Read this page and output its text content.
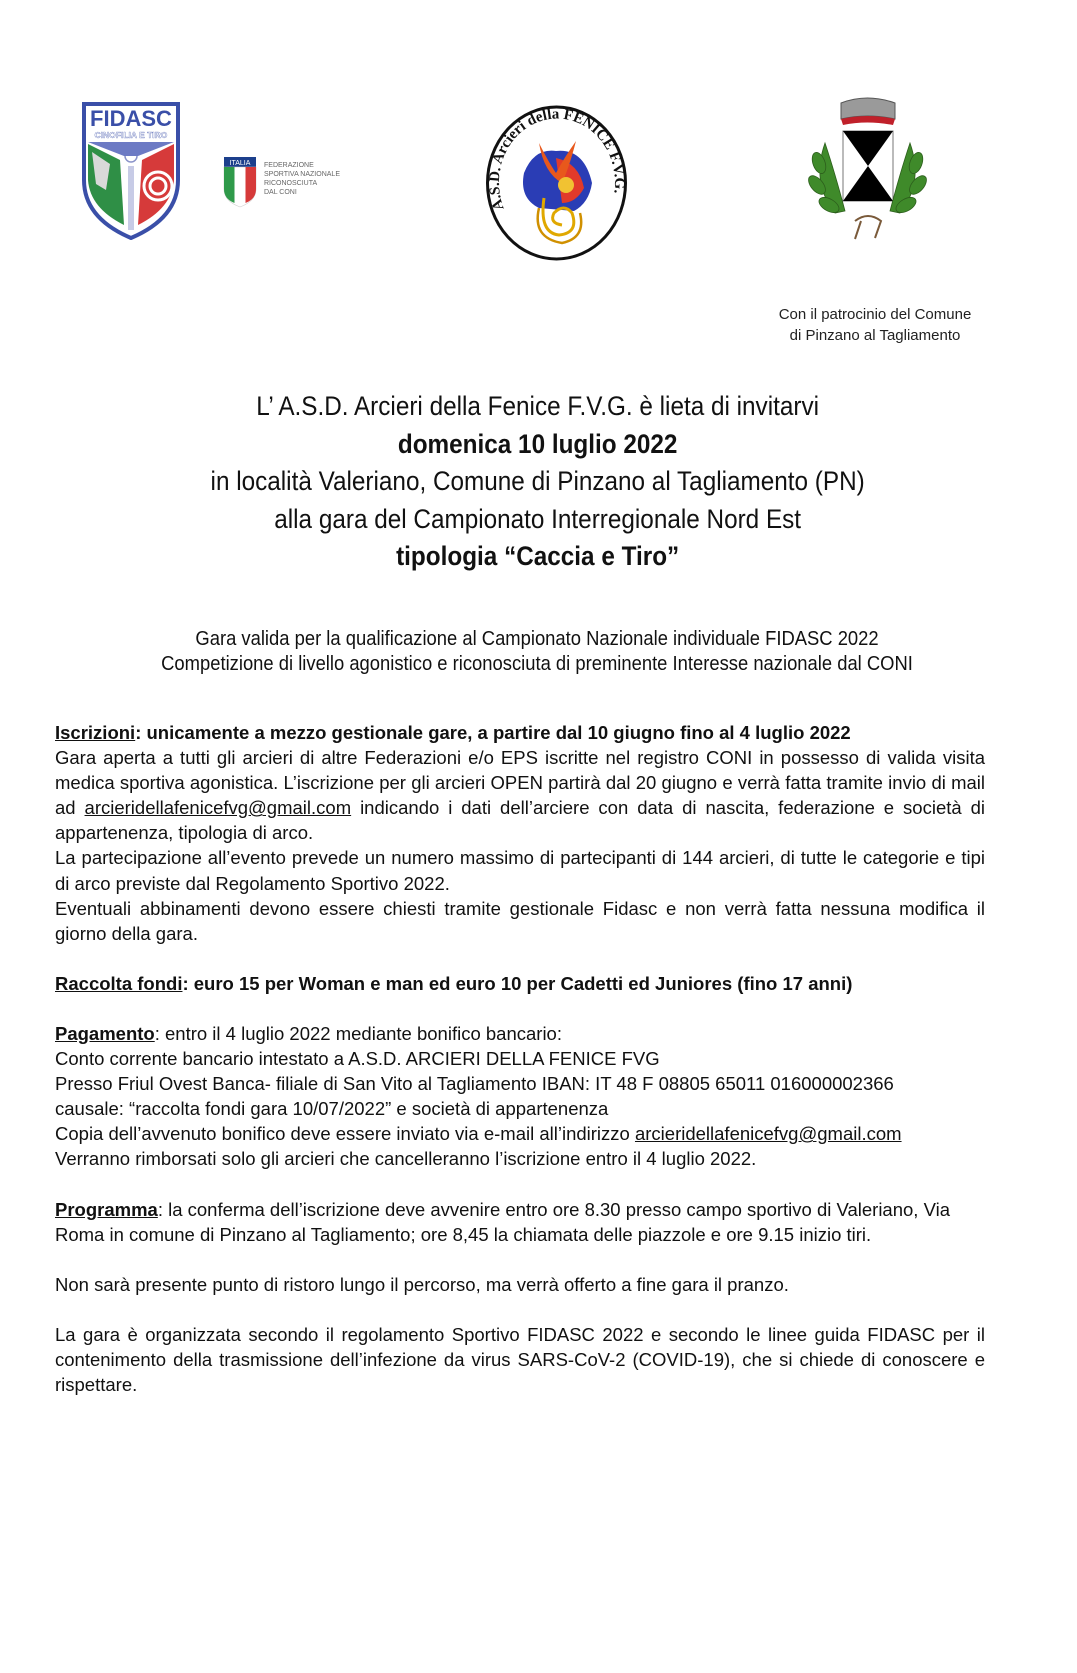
FIDASC
CINOFILIA E TIRO
ITALIA FEDERAZIONE
SPORTIVA NAZIONALE
RICONOSCIUTA
DAL CONI
A.S.D. Arcieri della FENICE F.V.G.
Con il patrocinio del Comune
di Pinzano al Tagliamento
L’ A.S.D. Arcieri della Fenice F.V.G. è lieta di invitarvi
domenica 10 luglio 2022
in località Valeriano, Comune di Pinzano al Tagliamento (PN)
alla gara del Campionato Interregionale Nord Est
tipologia “Caccia e Tiro”
Gara valida per la qualificazione al Campionato Nazionale individuale FIDASC 2022
Competizione di livello agonistico e riconosciuta di preminente Interesse nazionale dal CONI

Iscrizioni: unicamente a mezzo gestionale gare, a partire dal 10 giugno fino al 4 luglio 2022

Gara aperta a tutti gli arcieri di altre Federazioni e/o EPS iscritte nel registro CONI in possesso di valida visita medica sportiva agonistica. L’iscrizione per gli arcieri OPEN partirà dal 20 giugno e verrà fatta tramite invio di mail ad arcieridellafenicefvg@gmail.com indicando i dati dell’arciere con data di nascita, federazione e società di appartenenza, tipologia di arco.

La partecipazione all’evento prevede un numero massimo di partecipanti di 144 arcieri, di tutte le categorie e tipi di arco previste dal Regolamento Sportivo 2022.

Eventuali abbinamenti devono essere chiesti tramite gestionale Fidasc e non verrà fatta nessuna modifica il giorno della gara.

Raccolta fondi: euro 15 per Woman e man ed euro 10 per Cadetti ed Juniores (fino 17 anni)

Pagamento: entro il 4 luglio 2022 mediante bonifico bancario:

Conto corrente bancario intestato a A.S.D. ARCIERI DELLA FENICE FVG

Presso Friul Ovest Banca- filiale di San Vito al Tagliamento IBAN: IT 48 F 08805 65011 016000002366

causale: “raccolta fondi gara 10/07/2022” e società di appartenenza

Copia dell’avvenuto bonifico deve essere inviato via e-mail all’indirizzo arcieridellafenicefvg@gmail.com

Verranno rimborsati solo gli arcieri che cancelleranno l’iscrizione entro il 4 luglio 2022.

Programma: la conferma dell’iscrizione deve avvenire entro ore 8.30 presso campo sportivo di Valeriano, Via Roma in comune di Pinzano al Tagliamento; ore 8,45 la chiamata delle piazzole e ore 9.15 inizio tiri.

Non sarà presente punto di ristoro lungo il percorso, ma verrà offerto a fine gara il pranzo.

La gara è organizzata secondo il regolamento Sportivo FIDASC 2022 e secondo le linee guida FIDASC per il contenimento della trasmissione dell’infezione da virus SARS-CoV-2 (COVID-19), che si chiede di conoscere e rispettare.
